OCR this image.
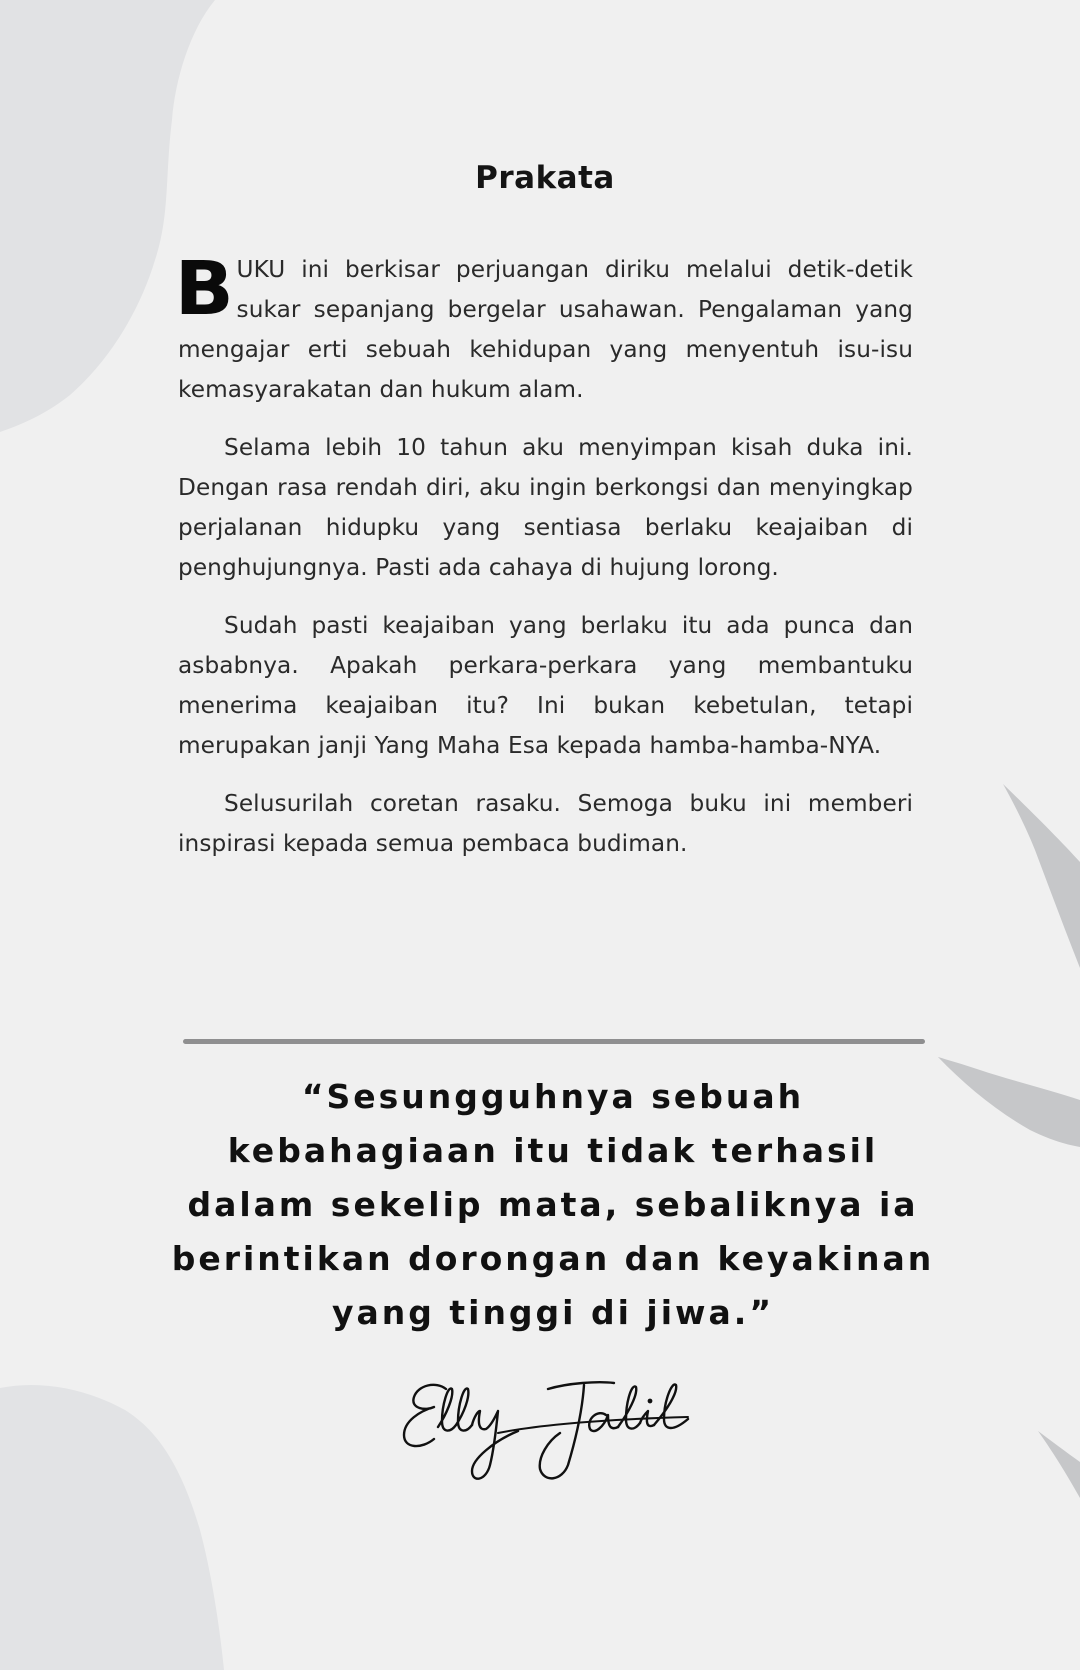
Prakata

BUKU ini berkisar perjuangan diriku melalui detik-detik sukar sepanjang bergelar usahawan. Pengalaman yang mengajar erti sebuah kehidupan yang menyentuh isu-isu kemasyarakatan dan hukum alam.

Selama lebih 10 tahun aku menyimpan kisah duka ini. Dengan rasa rendah diri, aku ingin berkongsi dan menyingkap perjalanan hidupku yang sentiasa berlaku keajaiban di penghujungnya. Pasti ada cahaya di hujung lorong.

Sudah pasti keajaiban yang berlaku itu ada punca dan asbabnya. Apakah perkara-perkara yang membantuku menerima keajaiban itu? Ini bukan kebetulan, tetapi merupakan janji Yang Maha Esa kepada hamba-hamba-NYA.

Selusurilah coretan rasaku. Semoga buku ini memberi inspirasi kepada semua pembaca budiman.

“Sesungguhnya sebuah
kebahagiaan itu tidak terhasil
dalam sekelip mata, sebaliknya ia
berintikan dorongan dan keyakinan
yang tinggi di jiwa.”
